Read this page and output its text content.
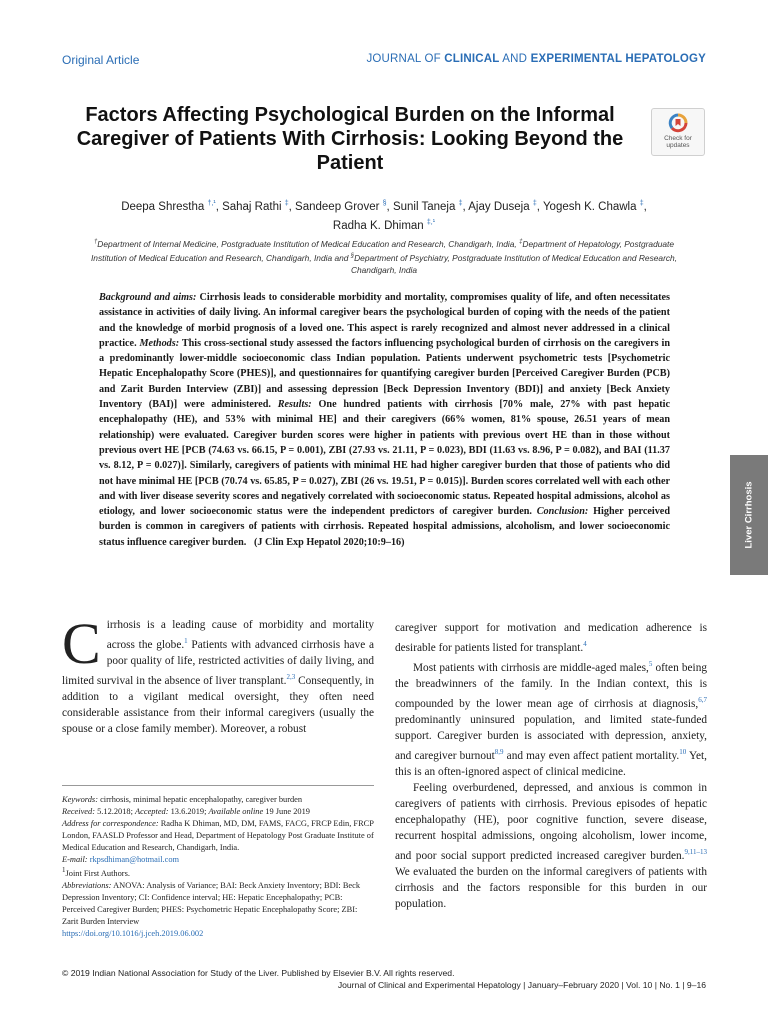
Original Article	JOURNAL OF CLINICAL AND EXPERIMENTAL HEPATOLOGY
Factors Affecting Psychological Burden on the Informal Caregiver of Patients With Cirrhosis: Looking Beyond the Patient
Check for
updates

Deepa Shrestha $^{\dagger,^1}$, Sahaj Rathi ‡, Sandeep Grover §, Sunil Taneja ‡, Ajay Duseja ‡, Yogesh K. Chawla ‡,
Radha K. Dhiman $^{\ddagger,^1}$

†Department of Internal Medicine, Postgraduate Institution of Medical Education and Research, Chandigarh, India, ‡Department of Hepatology, Postgraduate Institution of Medical Education and Research, Chandigarh, India and §Department of Psychiatry, Postgraduate Institution of Medical Education and Research, Chandigarh, India

Background and aims: Cirrhosis leads to considerable morbidity and mortality, compromises quality of life, and often necessitates assistance in activities of daily living. An informal caregiver bears the psychological burden of coping with the needs of the patient and the knowledge of morbid prognosis of a loved one. This aspect is rarely recognized and almost never addressed in a clinical practice. Methods: This cross-sectional study assessed the factors influencing psychological burden of cirrhosis on the caregivers in a predominantly lower-middle socioeconomic class Indian population. Patients underwent psychometric tests [Psychometric Hepatic Encephalopathy Score (PHES)], and questionnaires for quantifying caregiver burden [Perceived Caregiver Burden (PCB) and Zarit Burden Interview (ZBI)] and assessing depression [Beck Depression Inventory (BDI)] and anxiety [Beck Anxiety Inventory (BAI)] were administered. Results: One hundred patients with cirrhosis [70% male, 27% with past hepatic encephalopathy (HE), and 53% with minimal HE] and their caregivers (66% women, 81% spouse, 26.51 years of mean relationship) were evaluated. Caregiver burden scores were higher in patients with previous overt HE than in those without previous overt HE [PCB (74.63 vs. 66.15, P = 0.001), ZBI (27.93 vs. 21.11, P = 0.023), BDI (11.63 vs. 8.96, P = 0.082), and BAI (11.37 vs. 8.12, P = 0.027)]. Similarly, caregivers of patients with minimal HE had higher caregiver burden that those of patients who did not have minimal HE [PCB (70.74 vs. 65.85, P = 0.027), ZBI (26 vs. 19.51, P = 0.015)]. Burden scores correlated well with each other and with liver disease severity scores and negatively correlated with socioeconomic status. Repeated hospital admissions, alcohol as etiology, and lower socioeconomic status were the independent predictors of caregiver burden. Conclusion: Higher perceived burden is common in caregivers of patients with cirrhosis. Repeated hospital admissions, alcoholism, and lower socioeconomic status influence caregiver burden. (J Clin Exp Hepatol 2020;10:9–16)	Liver Cirrhosis

Cirrhosis is a leading cause of morbidity and mortality across the globe.$^1$ Patients with advanced cirrhosis have a poor quality of life, restricted activities of daily living, and limited survival in the absence of liver transplant.$^{2,3}$ Consequently, in addition to a vigilant medical oversight, they often need considerable assistance from their informal caregivers (usually the spouse or a close family member). Moreover, a robust

Keywords: cirrhosis, minimal hepatic encephalopathy, caregiver burden

Received: 5.12.2018; Accepted: 13.6.2019; Available online 19 June 2019

Address for correspondence: Radha K Dhiman, MD, DM, FAMS, FACG, FRCP Edin, FRCP London, FAASLD Professor and Head, Department of Hepatology Post Graduate Institute of Medical Education and Research, Chandigarh, India.

E-mail: rkpsdhiman@hotmail.com

$^1$Joint First Authors.

Abbreviations: ANOVA: Analysis of Variance; BAI: Beck Anxiety Inventory; BDI: Beck Depression Inventory; CI: Confidence interval; HE: Hepatic Encephalopathy; PCB: Perceived Caregiver Burden; PHES: Psychometric Hepatic Encephalopathy Score; ZBI: Zarit Burden Interview

https://doi.org/10.1016/j.jceh.2019.06.002

caregiver support for motivation and medication adherence is desirable for patients listed for transplant.$^4$

Most patients with cirrhosis are middle-aged males,$^5$ often being the breadwinners of the family. In the Indian context, this is compounded by the lower mean age of cirrhosis at diagnosis,$^{6,7}$ predominantly uninsured population, and limited state-funded support. Caregiver burden is associated with depression, anxiety, and caregiver burnout$^{8,9}$ and may even affect patient mortality.$^{10}$ Yet, this is an often-ignored aspect of clinical medicine.

Feeling overburdened, depressed, and anxious is common in caregivers of patients with cirrhosis. Previous episodes of hepatic encephalopathy (HE), poor cognitive function, severe disease, recurrent hospital admissions, ongoing alcoholism, lower income, and poor social support predicted increased caregiver burden.$^{9,11-13}$ We evaluated the burden on the informal caregivers of patients with cirrhosis and the factors responsible for this burden in our population.

© 2019 Indian National Association for Study of the Liver. Published by Elsevier B.V. All rights reserved.
Journal of Clinical and Experimental Hepatology | January–February 2020 | Vol. 10 | No. 1 | 9–16
